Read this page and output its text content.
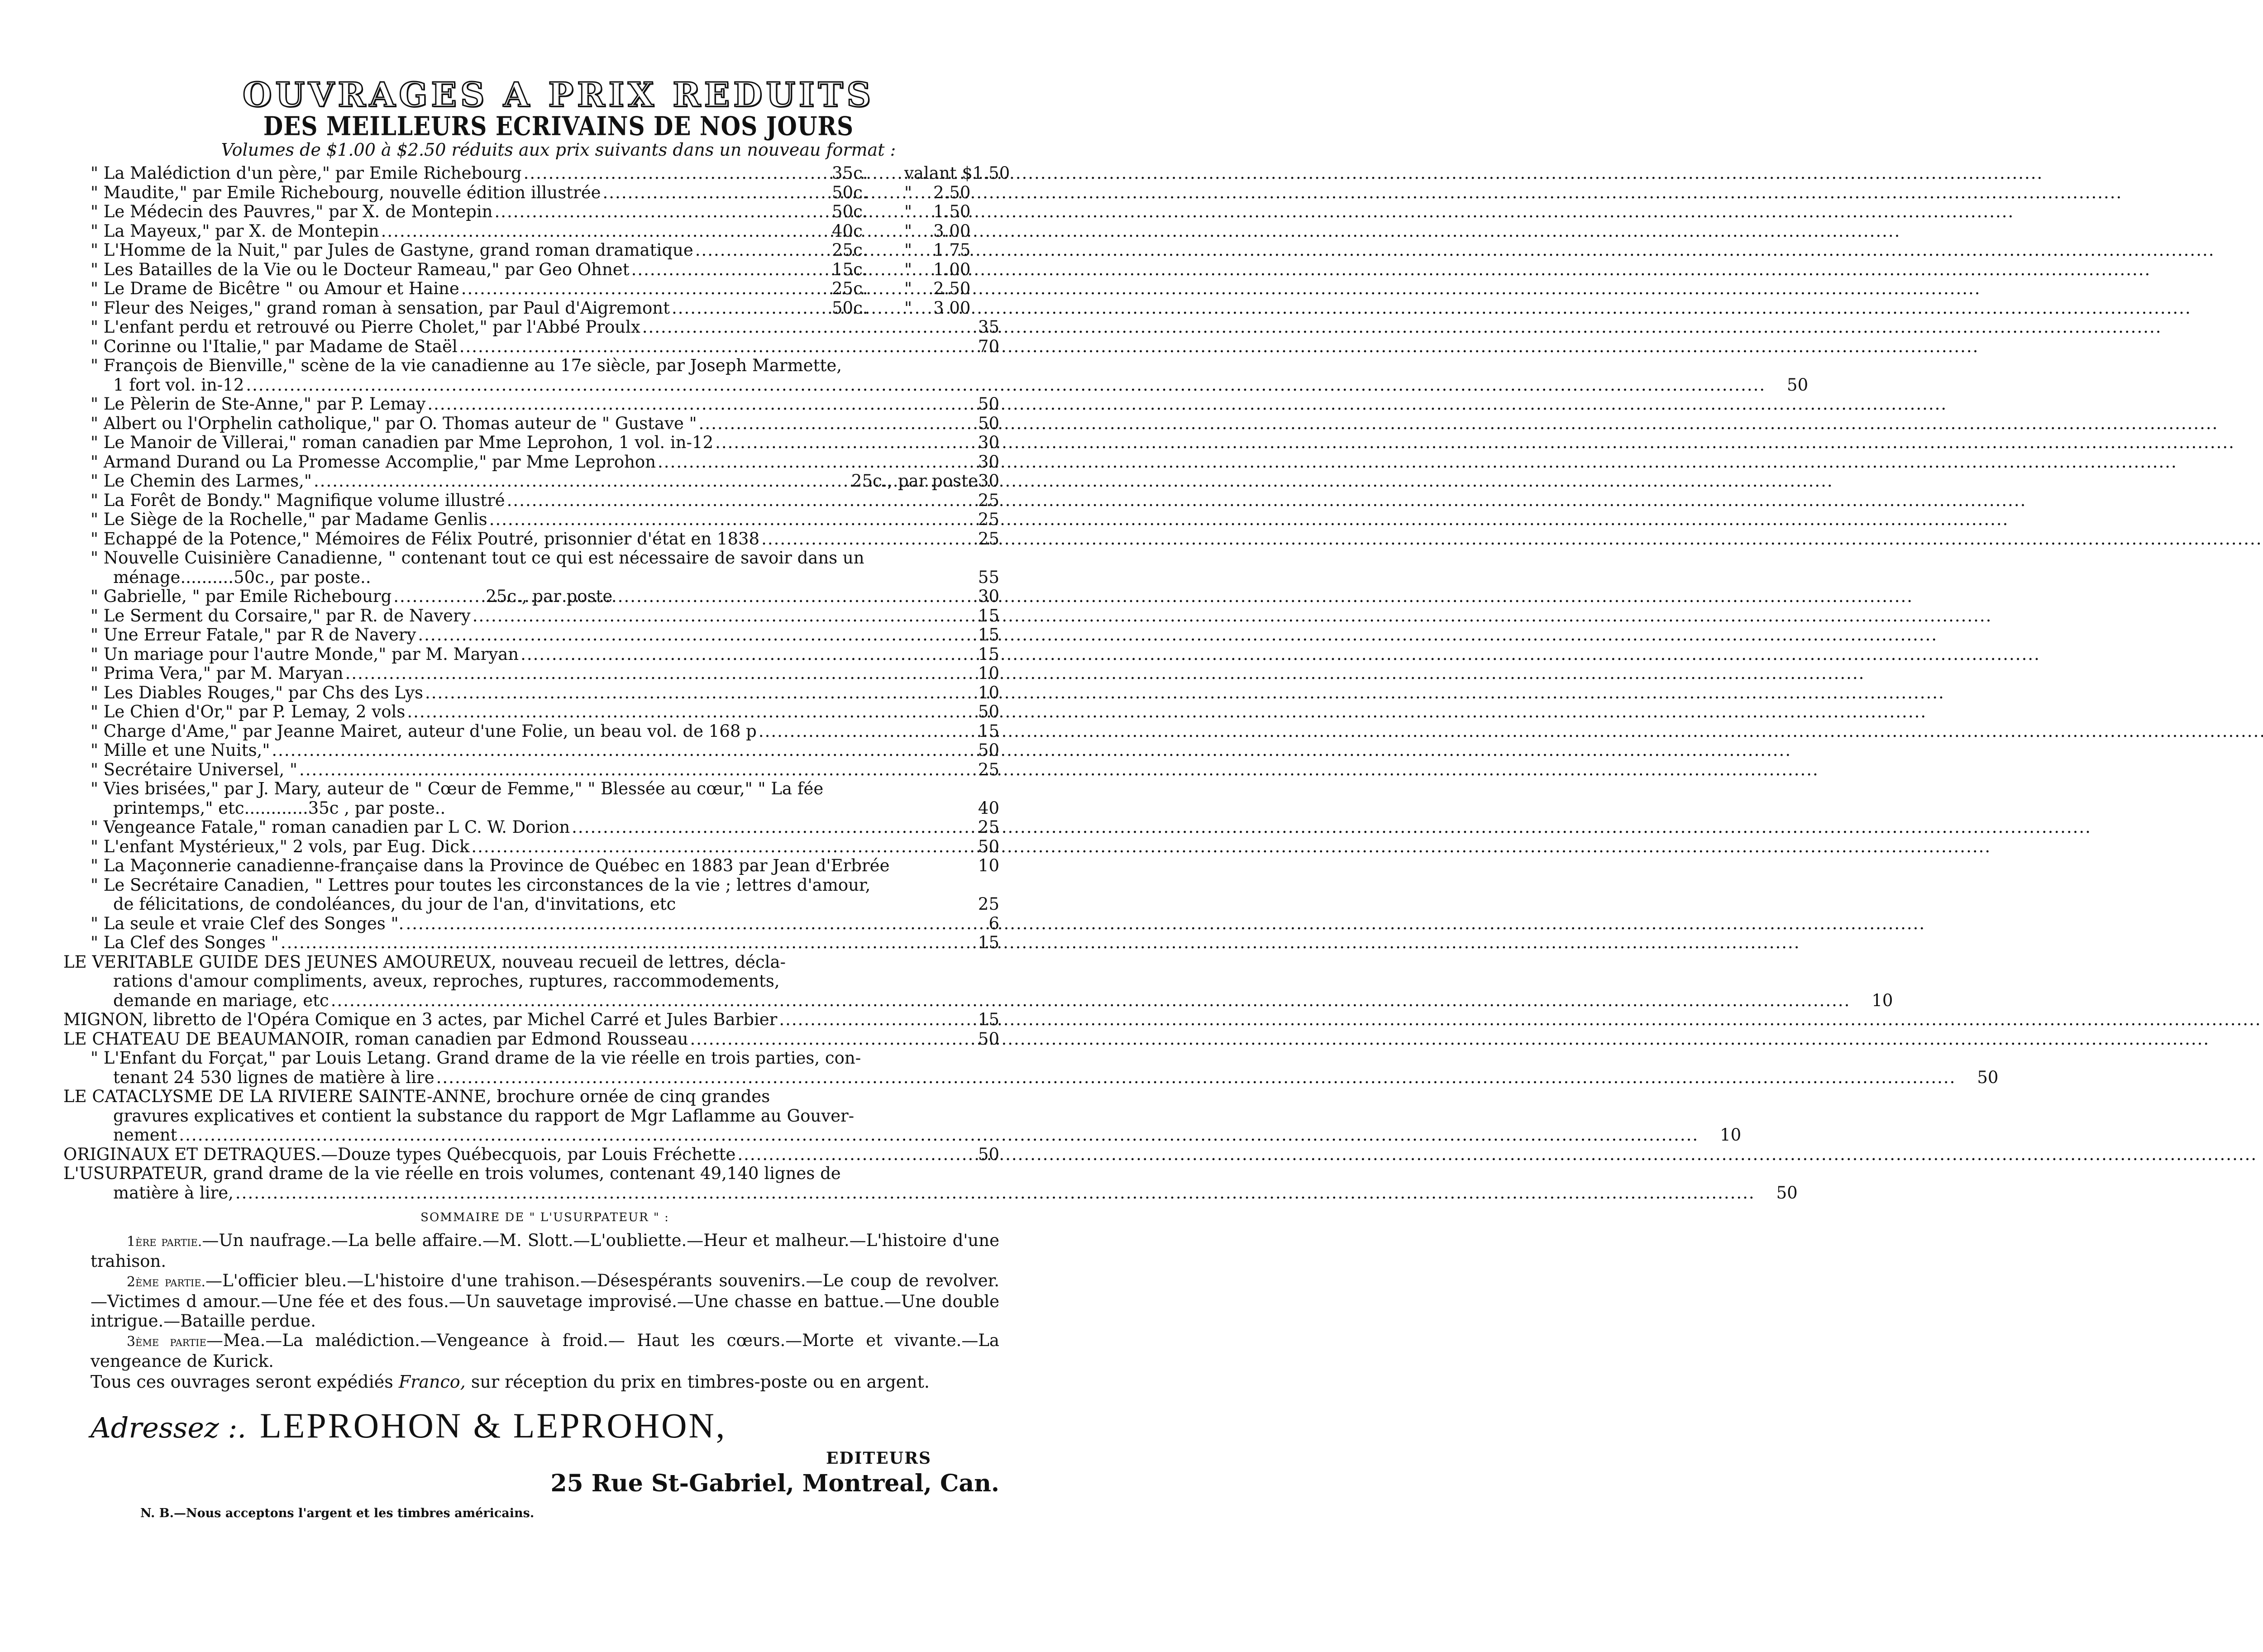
OUVRAGES A PRIX REDUITS
DES MEILLEURS ECRIVAINS DE NOS JOURS
Volumes de $1.00 à $2.50 réduits aux prix suivants dans un nouveau format :
" La Malédiction d'un père," par Emile Richebourg .....	35c. valant $1.50
" Maudite," par Emile Richebourg, nouvelle édition illustrée .....	50c. " 2.50
" Le Médecin des Pauvres," par X. de Montepin .....	50c. " 1.50
" La Mayeux," par X. de Montepin .....	40c " 3.00
" L'Homme de la Nuit," par Jules de Gastyne, grand roman dramatique .....	25c. " 1.75
" Les Batailles de la Vie ou le Docteur Rameau," par Geo Ohnet .....	15c. " 1.00
" Le Drame de Bicêtre " ou Amour et Haine .....	25c. " 2.50
" Fleur des Neiges," grand roman à sensation, par Paul d'Aigremont .....	50c. " 3 00
" L'enfant perdu et retrouvé ou Pierre Cholet," par l'Abbé Proulx .....	35
" Corinne ou l'Italie," par Madame de Staël .....	70
" François de Bienville," scène de la vie canadienne au 17e siècle, par Joseph Marmette,
1 fort vol. in-12 .....	50
" Le Pèlerin de Ste-Anne," par P. Lemay .....	50
" Albert ou l'Orphelin catholique," par O. Thomas auteur de " Gustave " .....	50
" Le Manoir de Villerai," roman canadien par Mme Leprohon, 1 vol. in-12 .....	30
" Armand Durand ou La Promesse Accomplie," par Mme Leprohon .....	30
" Le Chemin des Larmes," .....	25c., par poste 30
" La Forêt de Bondy." Magnifique volume illustré .....	25
" Le Siège de la Rochelle," par Madame Genlis .....	25
" Echappé de la Potence," Mémoires de Félix Poutré, prisonnier d'état en 1838 .....	25
" Nouvelle Cuisinière Canadienne, " contenant tout ce qui est nécessaire de savoir dans un
ménage..........50c., par poste..	55
" Gabrielle, " par Emile Richebourg .....	25c., par poste	30
" Le Serment du Corsaire," par R. de Navery .....	15
" Une Erreur Fatale," par R de Navery .....	15
" Un mariage pour l'autre Monde," par M. Maryan .....	15
" Prima Vera," par M. Maryan .....	10
" Les Diables Rouges," par Chs des Lys .....	10
" Le Chien d'Or," par P. Lemay, 2 vols .....	50
" Charge d'Ame," par Jeanne Mairet, auteur d'une Folie, un beau vol. de 168 p .....	15
" Mille et une Nuits," .....	50
" Secrétaire Universel, " .....	25
" Vies brisées," par J. Mary, auteur de " Cœur de Femme," " Blessée au cœur," " La fée
printemps," etc............35c , par poste..	40
" Vengeance Fatale," roman canadien par L C. W. Dorion .....	25
" L'enfant Mystérieux," 2 vols, par Eug. Dick .....	50
" La Maçonnerie canadienne-française dans la Province de Québec en 1883 par Jean d'Erbrée	10
" Le Secrétaire Canadien, " Lettres pour toutes les circonstances de la vie ; lettres d'amour,
de félicitations, de condoléances, du jour de l'an, d'invitations, etc	25
" La seule et vraie Clef des Songes ". .....	6
" La Clef des Songes " .....	15
LE VERITABLE GUIDE DES JEUNES AMOUREUX, nouveau recueil de lettres, décla-
rations d'amour compliments, aveux, reproches, ruptures, raccommodements,
demande en mariage, etc .....	10
MIGNON, libretto de l'Opéra Comique en 3 actes, par Michel Carré et Jules Barbier .....	15
LE CHATEAU DE BEAUMANOIR, roman canadien par Edmond Rousseau .....	50
" L'Enfant du Forçat," par Louis Letang. Grand drame de la vie réelle en trois parties, con-
tenant 24 530 lignes de matière à lire .....	50
LE CATACLYSME DE LA RIVIERE SAINTE-ANNE, brochure ornée de cinq grandes
gravures explicatives et contient la substance du rapport de Mgr Laflamme au Gouver-
nement .....	10
ORIGINAUX ET DETRAQUES.—Douze types Québecquois, par Louis Fréchette .....	50
L'USURPATEUR, grand drame de la vie réelle en trois volumes, contenant 49,140 lignes de
matière à lire, .....	50
SOMMAIRE DE " L'USURPATEUR " :
1ère partie.—Un naufrage.—La belle affaire.—M. Slott.—L'oubliette.—Heur et malheur.—L'histoire d'une trahison.
2ème partie.—L'officier bleu.—L'histoire d'une trahison.—Désespérants souvenirs.—Le coup de revolver.—Victimes d amour.—Une fée et des fous.—Un sauvetage improvisé.—Une chasse en battue.—Une double intrigue.—Bataille perdue.
3ème partie—Mea.—La malédiction.—Vengeance à froid.— Haut les cœurs.—Morte et vivante.—La vengeance de Kurick.
Tous ces ouvrages seront expédiés Franco, sur réception du prix en timbres-poste ou en argent.
Adressez :. LEPROHON & LEPROHON,
EDITEURS
25 Rue St-Gabriel, Montreal, Can.
N. B.—Nous acceptons l'argent et les timbres américains.
